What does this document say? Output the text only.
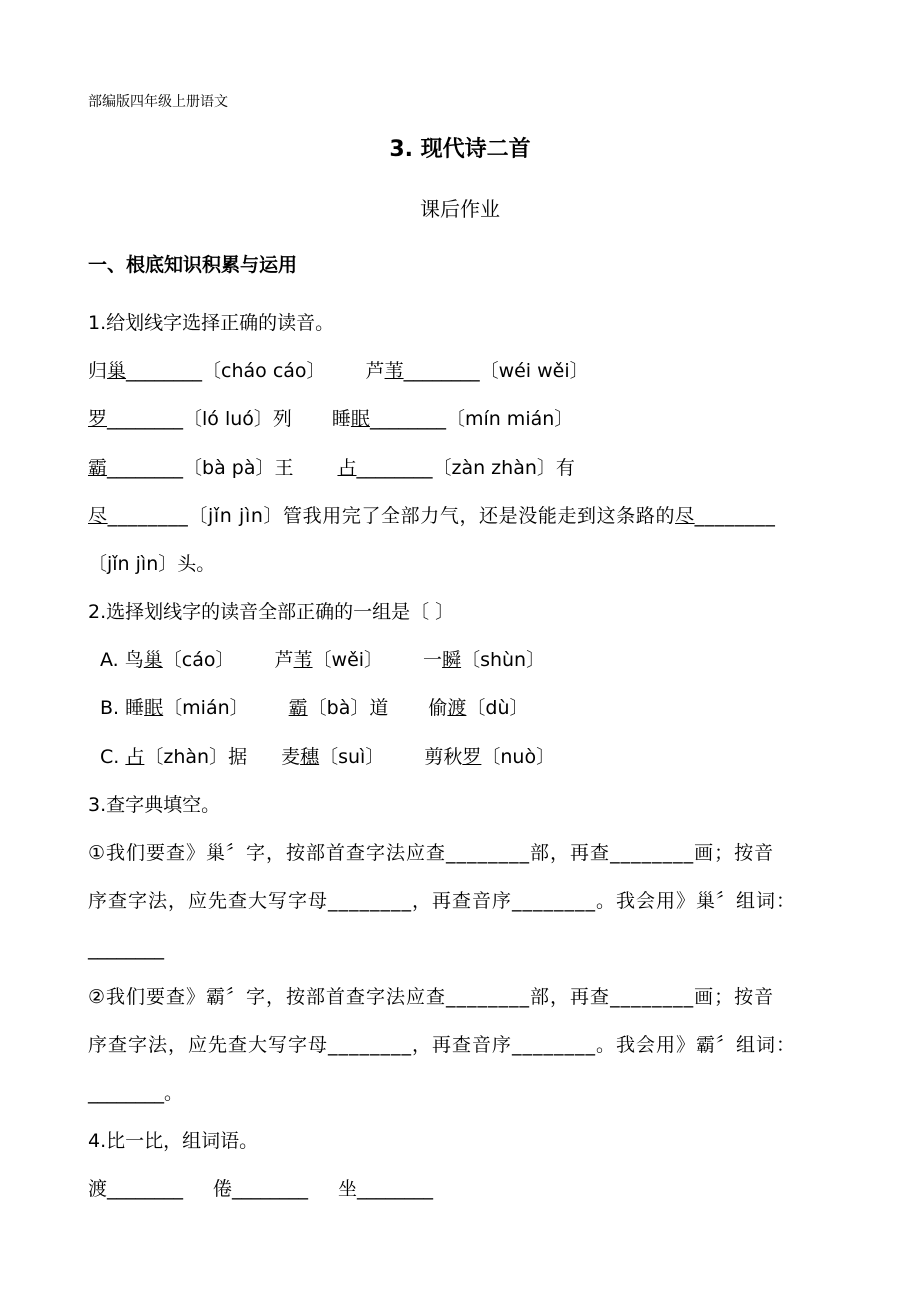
部编版四年级上册语文
3. 现代诗二首
课后作业
一、根底知识积累与运用
1.给划线字选择正确的读音。
归巢________〔cháo cáo〕 芦苇________〔wéi wěi〕
罗________〔ló luó〕列 睡眠________〔mín mián〕
霸________〔bà pà〕王 占________〔zàn zhàn〕有
尽________〔jǐn jìn〕管我用完了全部力气，还是没能走到这条路的尽________
〔jǐn jìn〕头。
2.选择划线字的读音全部正确的一组是〔 〕
A. 鸟巢〔cáo〕 芦苇〔wěi〕 一瞬〔shùn〕
B. 睡眠〔mián〕 霸〔bà〕道 偷渡〔dù〕
C. 占〔zhàn〕据 麦穗〔suì〕 剪秋罗〔nuò〕
3.查字典填空。
①我们要查》巢〞字，按部首查字法应查________部，再查________画；按音
序查字法，应先查大写字母________，再查音序________。我会用》巢〞组词：
________
②我们要查》霸〞字，按部首查字法应查________部，再查________画；按音
序查字法，应先查大写字母________，再查音序________。我会用》霸〞组词：
________。
4.比一比，组词语。
渡________ 倦________ 坐________
